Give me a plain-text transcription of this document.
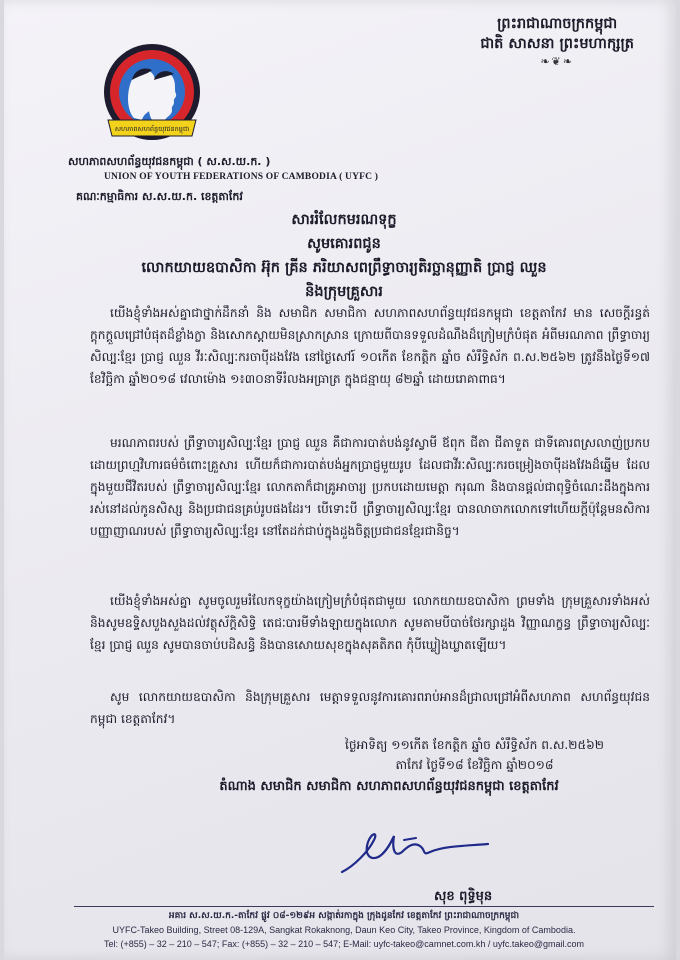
ព្រះរាជាណាចក្រកម្ពុជា
ជាតិ សាសនា ព្រះមហាក្សត្រ
❧❦❧
សហភាពសហព័ន្ធយុវជនកម្ពុជា
សហភាពសហព័ន្ធយុវជនកម្ពុជា ( ស.ស.យ.ក. )
UNION OF YOUTH FEDERATIONS OF CAMBODIA ( UYFC )
គណៈកម្មាធិការ ស.ស.យ.ក. ខេត្តតាកែវ
សាររំលែកមរណទុក្ខ
សូមគោរពជូន
លោកយាយឧបាសិកា អ៊ុក គ្រីន ភរិយាសពព្រឹទ្ធាចារ្យតិរច្ឆានុញ្ញាតិ ប្រាជ្ញ ឈួន
និងក្រុមគ្រួសារ

យើងខ្ញុំទាំងអស់គ្នាជាថ្នាក់ដឹកនាំ និង សមាជិក សមាជិកា សហភាពសហព័ន្ធយុវជនកម្ពុជា ខេត្តតាកែវ មាន សេចក្តីរន្ធត់ក្តុកក្តួលជ្រៅបំផុតដ៏ខ្លាំងក្លា និងសោកស្តាយមិនស្រាកស្រាន ក្រោយពីបានទទួលដំណឹងដ៏ក្រៀមក្រំបំផុត អំពីមរណភាព ព្រឹទ្ធាចារ្យសិល្បៈខ្មែរ ប្រាជ្ញ ឈួន វីរៈសិល្បៈករចាប៉ីដងវែង នៅថ្ងៃសៅរ៍ ១០កើត ខែកត្តិក ឆ្នាំច សំរឹទ្ធិស័ក ព.ស.២៥៦២ ត្រូវនឹងថ្ងៃទី១៧ ខែវិច្ឆិកា ឆ្នាំ២០១៨ វេលាម៉ោង ១៖៣០នាទីរំលងអធ្រាត្រ ក្នុងជន្មាយុ ៨២ឆ្នាំ ដោយរោគាពាធ។

មរណភាពរបស់ ព្រឹទ្ធាចារ្យសិល្បៈខ្មែរ ប្រាជ្ញ ឈួន គឺជាការបាត់បង់នូវស្វាមី ឪពុក ជីតា ជីតាទួត ជាទីគោរពស្រលាញ់ប្រកបដោយព្រហ្មវិហារធម៌ចំពោះគ្រួសារ ហើយក៏ជាការបាត់បង់អ្នកប្រាជ្ញមួយរូប ដែលជាវីរៈសិល្បៈករចម្រៀងចាប៉ីដងវែងដ៏ឆ្នើម ដែលក្នុងមួយជីវិតរបស់ ព្រឹទ្ធាចារ្យសិល្បៈខ្មែរ លោកតាក៏ជាគ្រូអាចារ្យ ប្រកបដោយមេត្តា ករុណា និងបានផ្តល់ជាពុទ្ធិចំណេះដឹងក្នុងការរស់នៅដល់កូនសិស្ស និងប្រជាជនគ្រប់រូបផងដែរ។ បើទោះបី ព្រឹទ្ធាចារ្យសិល្បៈខ្មែរ បានលាចាកលោកទៅហើយក្តីប៉ុន្តែមនសិការ បញ្ញាញាណរបស់ ព្រឹទ្ធាចារ្យសិល្បៈខ្មែរ នៅតែដក់ជាប់ក្នុងដួងចិត្តប្រជាជនខ្មែរជានិច្ច។

យើងខ្ញុំទាំងអស់គ្នា សូមចូលរួមរំលែកទុក្ខយ៉ាងក្រៀមក្រំបំផុតជាមួយ លោកយាយឧបាសិកា ព្រមទាំង ក្រុមគ្រួសារទាំងអស់ និងសូមឧទ្ទិសបួងសួងដល់វត្ថុស័ក្តិសិទ្ធិ តេជៈបារមីទាំងឡាយក្នុងលោក សូមតាមបីបាច់ថែរក្សាដួង វិញ្ញាណក្ខន្ធ ព្រឹទ្ធាចារ្យសិល្បៈខ្មែរ ប្រាជ្ញ ឈួន សូមបានចាប់បដិសន្ធិ និងបានសោយសុខក្នុងសុគតិភព កុំបីឃ្លៀងឃ្លាតឡើយ។

សូម លោកយាយឧបាសិកា និងក្រុមគ្រួសារ មេត្តាទទួលនូវការគោរពរាប់អានដ៏ជ្រាលជ្រៅអំពីសហភាព សហព័ន្ធយុវជនកម្ពុជា ខេត្តតាកែវ។

ថ្ងៃអាទិត្យ ១១កើត ខែកត្តិក ឆ្នាំច សំរឹទ្ធិស័ក ព.ស.២៥៦២
តាកែវ ថ្ងៃទី១៨ ខែវិច្ឆិកា ឆ្នាំ២០១៨
តំណាង សមាជិក សមាជិកា សហភាពសហព័ន្ធយុវជនកម្ពុជា ខេត្តតាកែវ
សុខ ពុទ្ធិមុន
អគារ ស.ស.យ.ក.-តាកែវ ផ្លូវ ០៨-១២៩អ សង្កាត់រកាក្នុង ក្រុងដូនកែវ ខេត្តតាកែវ ព្រះរាជាណាចក្រកម្ពុជា
UYFC-Takeo Building, Street 08-129A, Sangkat Rokaknong, Daun Keo City, Takeo Province, Kingdom of Cambodia.
Tel: (+855) – 32 – 210 – 547; Fax: (+855) – 32 – 210 – 547; E-Mail: uyfc-takeo@camnet.com.kh / uyfc.takeo@gmail.com
